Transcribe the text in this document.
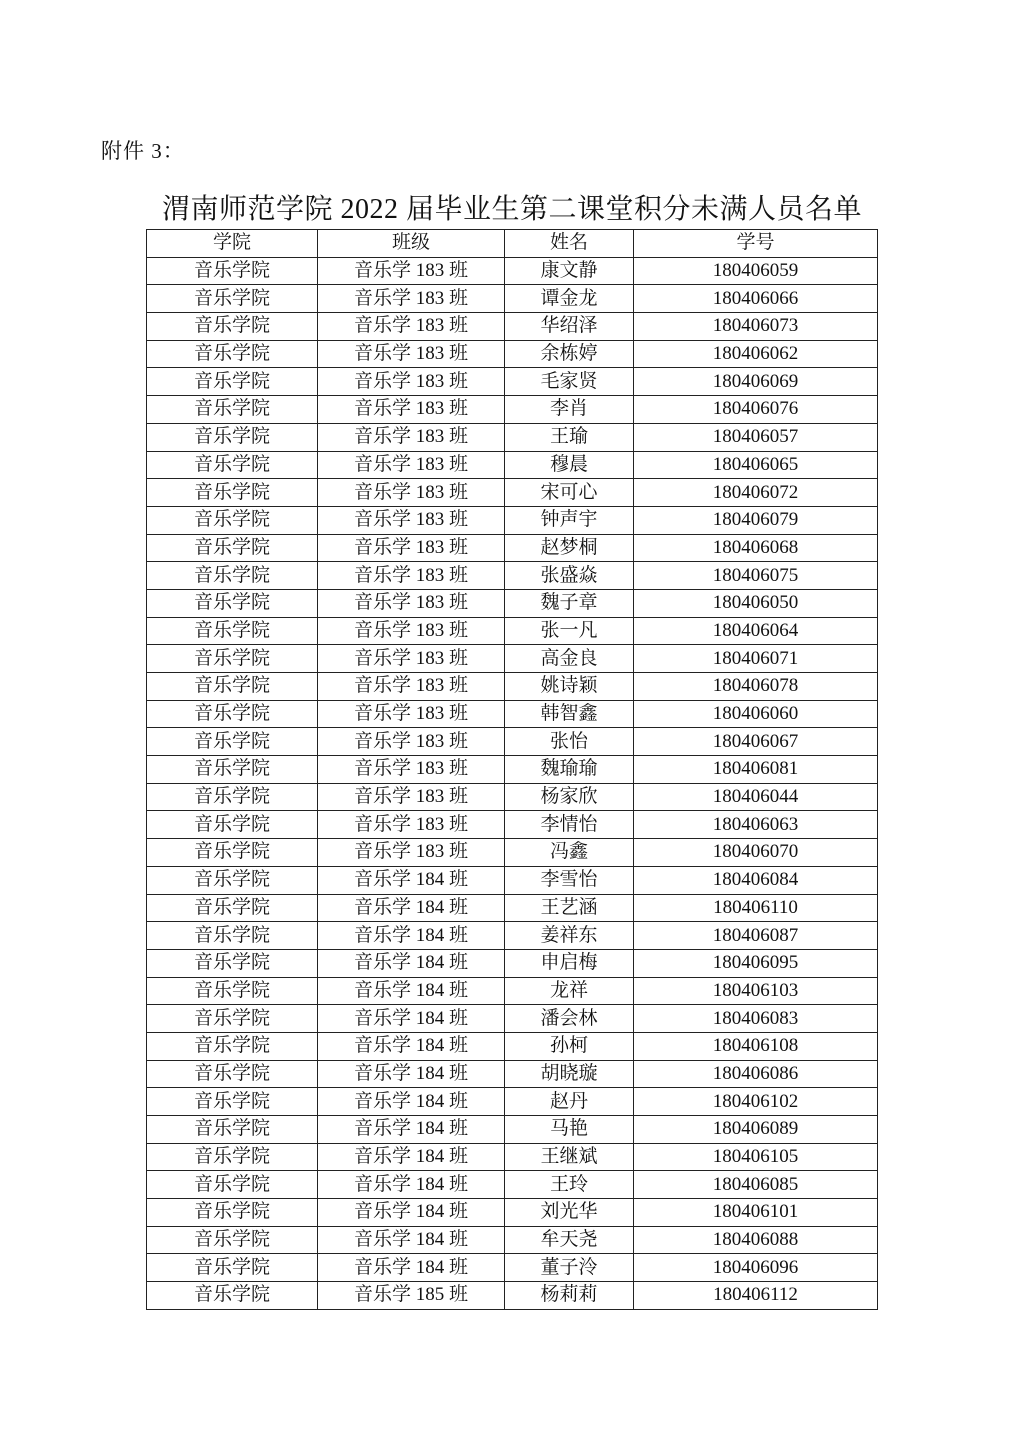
附件 3：
渭南师范学院 2022 届毕业生第二课堂积分未满人员名单
学院	班级	姓名	学号
音乐学院	音乐学 183 班	康文静	180406059
音乐学院	音乐学 183 班	谭金龙	180406066
音乐学院	音乐学 183 班	华绍泽	180406073
音乐学院	音乐学 183 班	余栋婷	180406062
音乐学院	音乐学 183 班	毛家贤	180406069
音乐学院	音乐学 183 班	李肖	180406076
音乐学院	音乐学 183 班	王瑜	180406057
音乐学院	音乐学 183 班	穆晨	180406065
音乐学院	音乐学 183 班	宋可心	180406072
音乐学院	音乐学 183 班	钟声宇	180406079
音乐学院	音乐学 183 班	赵梦桐	180406068
音乐学院	音乐学 183 班	张盛焱	180406075
音乐学院	音乐学 183 班	魏子章	180406050
音乐学院	音乐学 183 班	张一凡	180406064
音乐学院	音乐学 183 班	高金良	180406071
音乐学院	音乐学 183 班	姚诗颖	180406078
音乐学院	音乐学 183 班	韩智鑫	180406060
音乐学院	音乐学 183 班	张怡	180406067
音乐学院	音乐学 183 班	魏瑜瑜	180406081
音乐学院	音乐学 183 班	杨家欣	180406044
音乐学院	音乐学 183 班	李情怡	180406063
音乐学院	音乐学 183 班	冯鑫	180406070
音乐学院	音乐学 184 班	李雪怡	180406084
音乐学院	音乐学 184 班	王艺涵	180406110
音乐学院	音乐学 184 班	姜祥东	180406087
音乐学院	音乐学 184 班	申启梅	180406095
音乐学院	音乐学 184 班	龙祥	180406103
音乐学院	音乐学 184 班	潘会林	180406083
音乐学院	音乐学 184 班	孙柯	180406108
音乐学院	音乐学 184 班	胡晓璇	180406086
音乐学院	音乐学 184 班	赵丹	180406102
音乐学院	音乐学 184 班	马艳	180406089
音乐学院	音乐学 184 班	王继斌	180406105
音乐学院	音乐学 184 班	王玲	180406085
音乐学院	音乐学 184 班	刘光华	180406101
音乐学院	音乐学 184 班	牟天尧	180406088
音乐学院	音乐学 184 班	董子泠	180406096
音乐学院	音乐学 185 班	杨莉莉	180406112
